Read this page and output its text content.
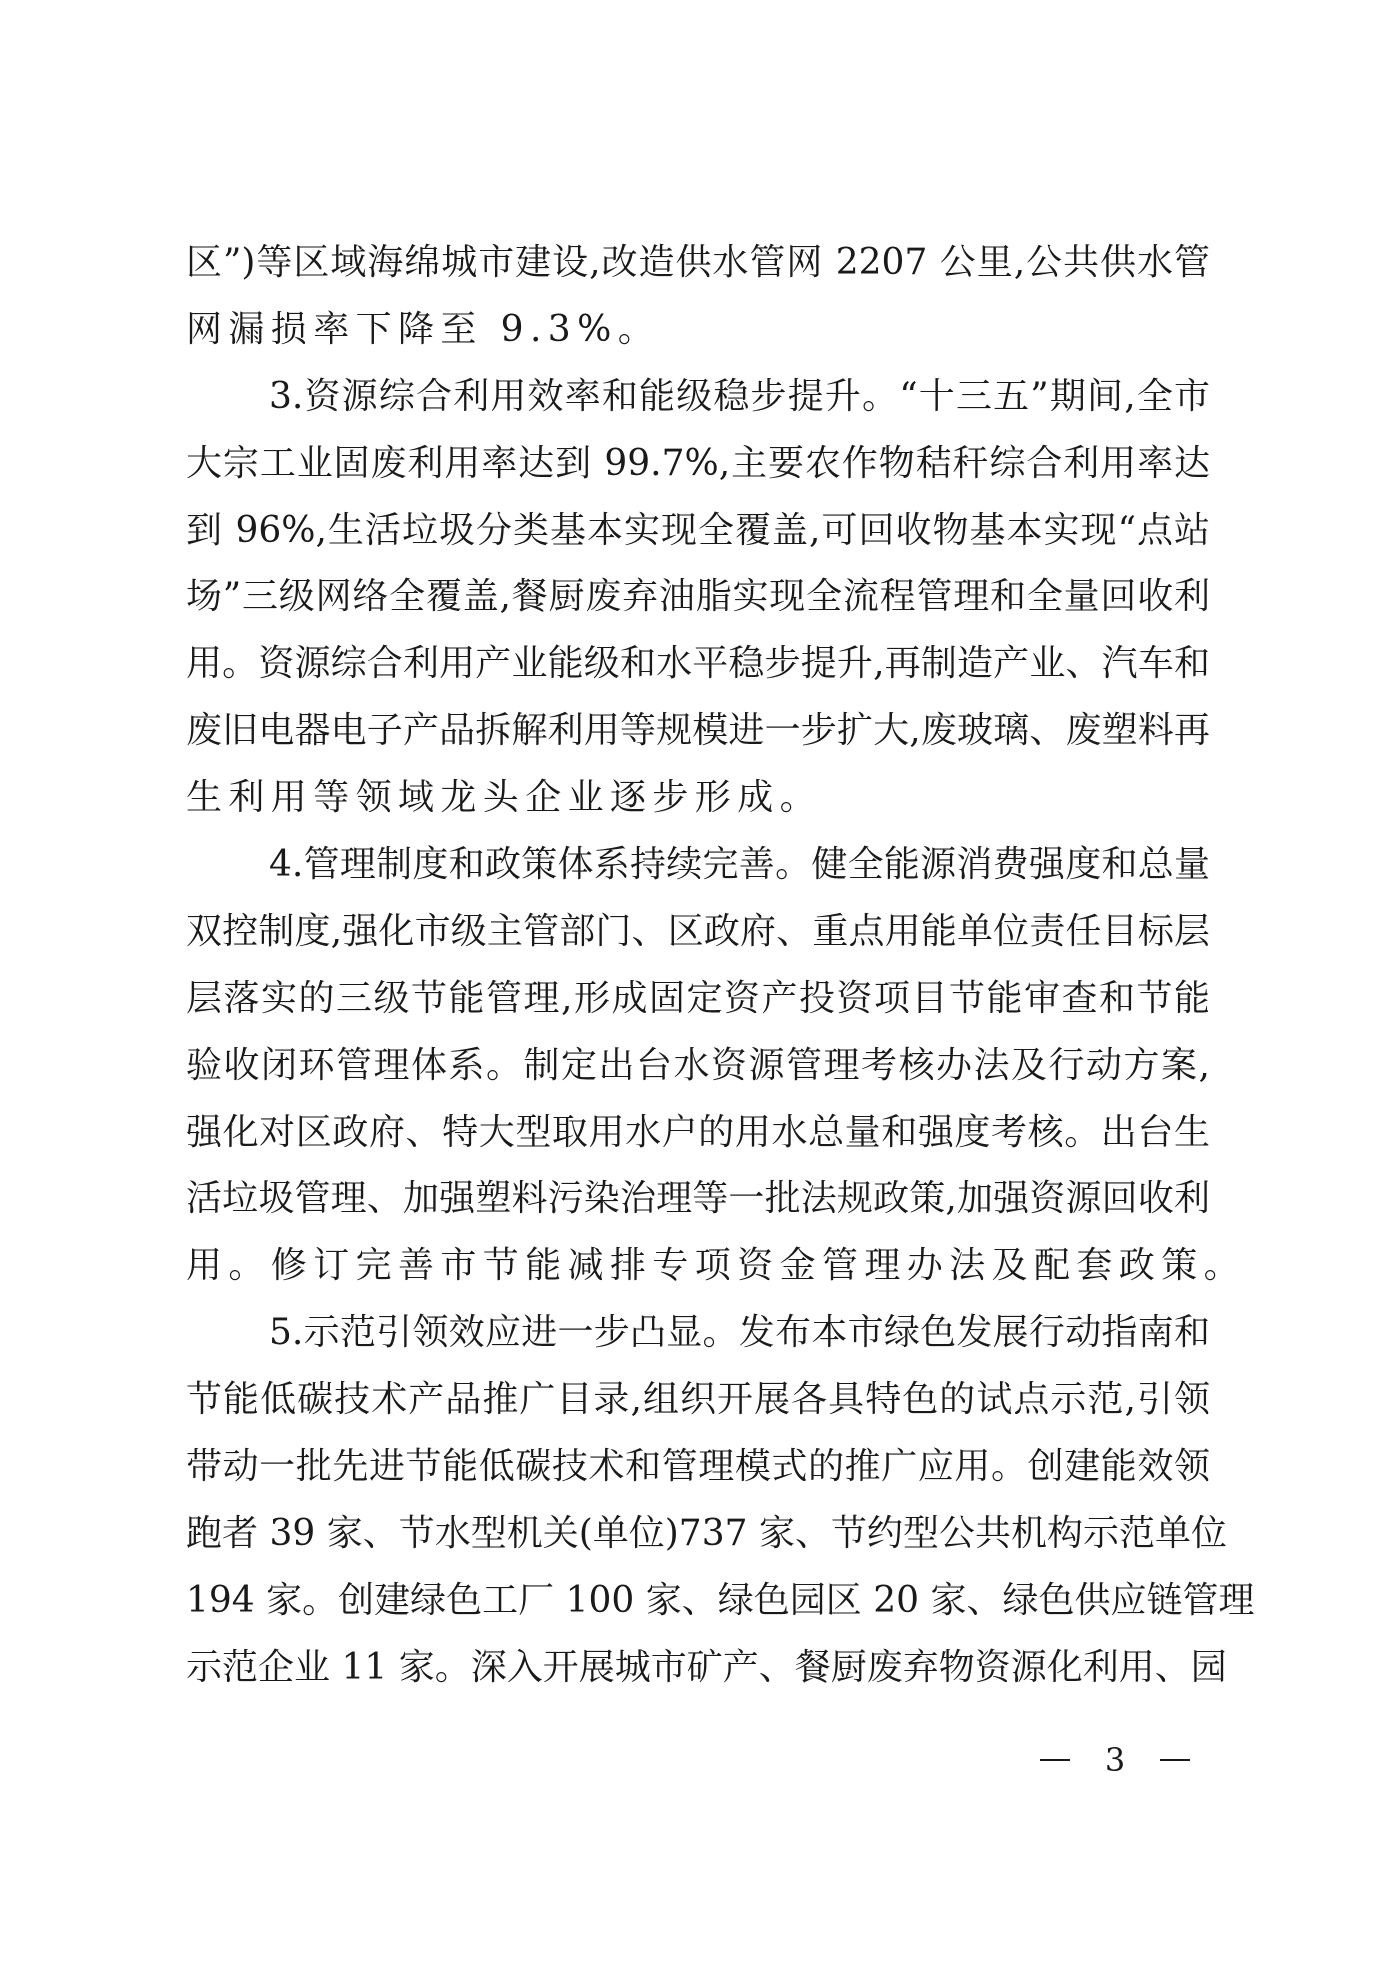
区”)等区域海绵城市建设,改造供水管网 2207 公里,公共供水管
网漏损率下降至 9.3%。
3.资源综合利用效率和能级稳步提升。“十三五”期间,全市
大宗工业固废利用率达到 99.7%,主要农作物秸秆综合利用率达
到 96%,生活垃圾分类基本实现全覆盖,可回收物基本实现“点站
场”三级网络全覆盖,餐厨废弃油脂实现全流程管理和全量回收利
用。资源综合利用产业能级和水平稳步提升,再制造产业、汽车和
废旧电器电子产品拆解利用等规模进一步扩大,废玻璃、废塑料再
生利用等领域龙头企业逐步形成。
4.管理制度和政策体系持续完善。健全能源消费强度和总量
双控制度,强化市级主管部门、区政府、重点用能单位责任目标层
层落实的三级节能管理,形成固定资产投资项目节能审查和节能
验收闭环管理体系。制定出台水资源管理考核办法及行动方案,
强化对区政府、特大型取用水户的用水总量和强度考核。出台生
活垃圾管理、加强塑料污染治理等一批法规政策,加强资源回收利
用。修订完善市节能减排专项资金管理办法及配套政策。
5.示范引领效应进一步凸显。发布本市绿色发展行动指南和
节能低碳技术产品推广目录,组织开展各具特色的试点示范,引领
带动一批先进节能低碳技术和管理模式的推广应用。创建能效领
跑者 39 家、节水型机关(单位)737 家、节约型公共机构示范单位
194 家。创建绿色工厂 100 家、绿色园区 20 家、绿色供应链管理
示范企业 11 家。深入开展城市矿产、餐厨废弃物资源化利用、园
3
